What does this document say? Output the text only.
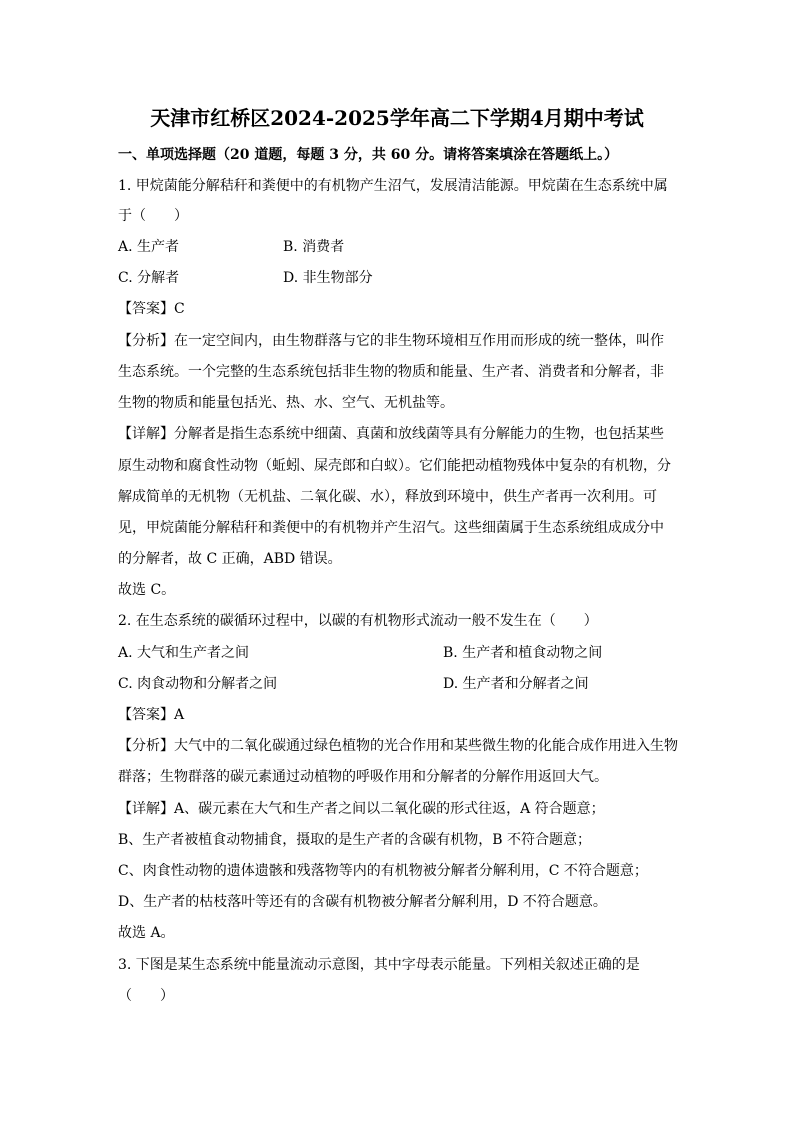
天津市红桥区2024-2025学年高二下学期4月期中考试
一、单项选择题（20 道题，每题 3 分，共 60 分。请将答案填涂在答题纸上。）
1. 甲烷菌能分解秸秆和粪便中的有机物产生沼气，发展清洁能源。甲烷菌在生态系统中属
于（　　）
A. 生产者	B. 消费者
C. 分解者	D. 非生物部分
【答案】C
【分析】在一定空间内，由生物群落与它的非生物环境相互作用而形成的统一整体，叫作
生态系统。一个完整的生态系统包括非生物的物质和能量、生产者、消费者和分解者，非
生物的物质和能量包括光、热、水、空气、无机盐等。
【详解】分解者是指生态系统中细菌、真菌和放线菌等具有分解能力的生物，也包括某些
原生动物和腐食性动物（蚯蚓、屎壳郎和白蚁）。它们能把动植物残体中复杂的有机物，分
解成简单的无机物（无机盐、二氧化碳、水），释放到环境中，供生产者再一次利用。可
见，甲烷菌能分解秸秆和粪便中的有机物并产生沼气。这些细菌属于生态系统组成成分中
的分解者，故 C 正确，ABD 错误。
故选 C。
2. 在生态系统的碳循环过程中，以碳的有机物形式流动一般不发生在（　　）
A. 大气和生产者之间	B. 生产者和植食动物之间
C. 肉食动物和分解者之间	D. 生产者和分解者之间
【答案】A
【分析】大气中的二氧化碳通过绿色植物的光合作用和某些微生物的化能合成作用进入生物
群落；生物群落的碳元素通过动植物的呼吸作用和分解者的分解作用返回大气。
【详解】A、碳元素在大气和生产者之间以二氧化碳的形式往返，A 符合题意；
B、生产者被植食动物捕食，摄取的是生产者的含碳有机物，B 不符合题意；
C、肉食性动物的遗体遗骸和残落物等内的有机物被分解者分解利用，C 不符合题意；
D、生产者的枯枝落叶等还有的含碳有机物被分解者分解利用，D 不符合题意。
故选 A。
3. 下图是某生态系统中能量流动示意图，其中字母表示能量。下列相关叙述正确的是
（　　）
